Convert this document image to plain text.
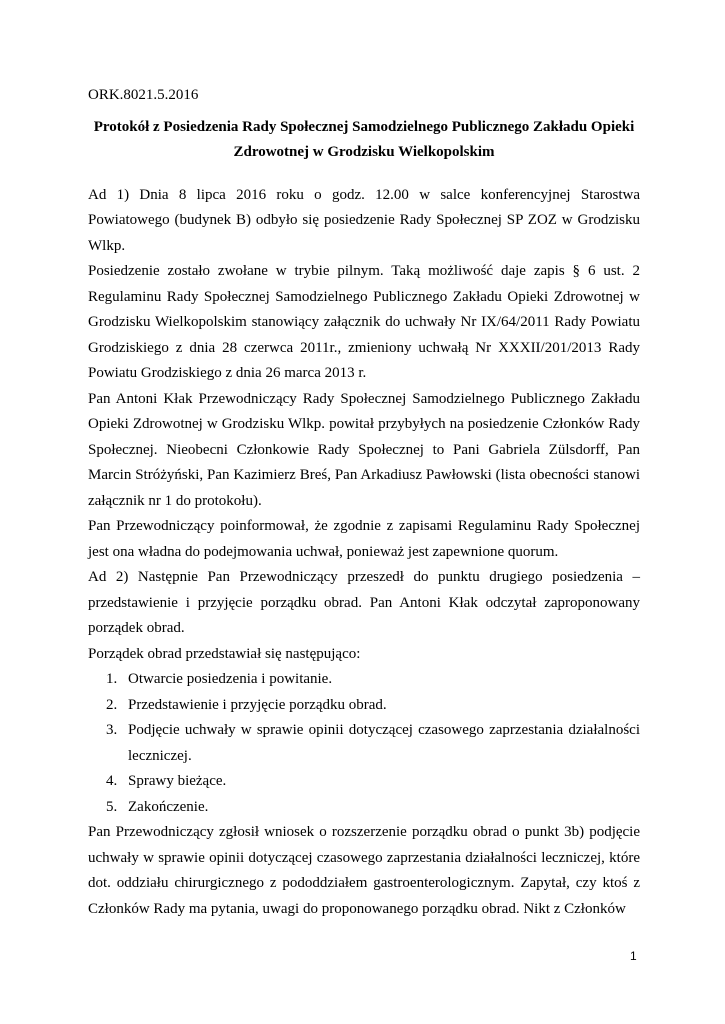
ORK.8021.5.2016

Protokół z Posiedzenia Rady Społecznej Samodzielnego Publicznego Zakładu Opieki
Zdrowotnej w Grodzisku Wielkopolskim

Ad 1) Dnia 8 lipca 2016 roku o godz. 12.00 w salce konferencyjnej Starostwa Powiatowego (budynek B) odbyło się posiedzenie Rady Społecznej SP ZOZ w Grodzisku Wlkp.

Posiedzenie zostało zwołane w trybie pilnym. Taką możliwość daje zapis § 6 ust. 2 Regulaminu Rady Społecznej Samodzielnego Publicznego Zakładu Opieki Zdrowotnej w Grodzisku Wielkopolskim stanowiący załącznik do uchwały Nr IX/64/2011 Rady Powiatu Grodziskiego z dnia 28 czerwca 2011r., zmieniony uchwałą Nr XXXII/201/2013 Rady Powiatu Grodziskiego z dnia 26 marca 2013 r.

Pan Antoni Kłak Przewodniczący Rady Społecznej Samodzielnego Publicznego Zakładu Opieki Zdrowotnej w Grodzisku Wlkp. powitał przybyłych na posiedzenie Członków Rady Społecznej. Nieobecni Członkowie Rady Społecznej to Pani Gabriela Zülsdorff, Pan Marcin Stróżyński, Pan Kazimierz Breś, Pan Arkadiusz Pawłowski (lista obecności stanowi załącznik nr 1 do protokołu).

Pan Przewodniczący poinformował, że zgodnie z zapisami Regulaminu Rady Społecznej jest ona władna do podejmowania uchwał, ponieważ jest zapewnione quorum.

Ad 2) Następnie Pan Przewodniczący przeszedł do punktu drugiego posiedzenia – przedstawienie i przyjęcie porządku obrad. Pan Antoni Kłak odczytał zaproponowany porządek obrad.

Porządek obrad przedstawiał się następująco:

1. Otwarcie posiedzenia i powitanie.
2. Przedstawienie i przyjęcie porządku obrad.
3. Podjęcie uchwały w sprawie opinii dotyczącej czasowego zaprzestania działalności leczniczej.
4. Sprawy bieżące.
5. Zakończenie.

Pan Przewodniczący zgłosił wniosek o rozszerzenie porządku obrad o punkt 3b) podjęcie uchwały w sprawie opinii dotyczącej czasowego zaprzestania działalności leczniczej, które dot. oddziału chirurgicznego z pododdziałem gastroenterologicznym. Zapytał, czy ktoś z Członków Rady ma pytania, uwagi do proponowanego porządku obrad. Nikt z Członków

1
